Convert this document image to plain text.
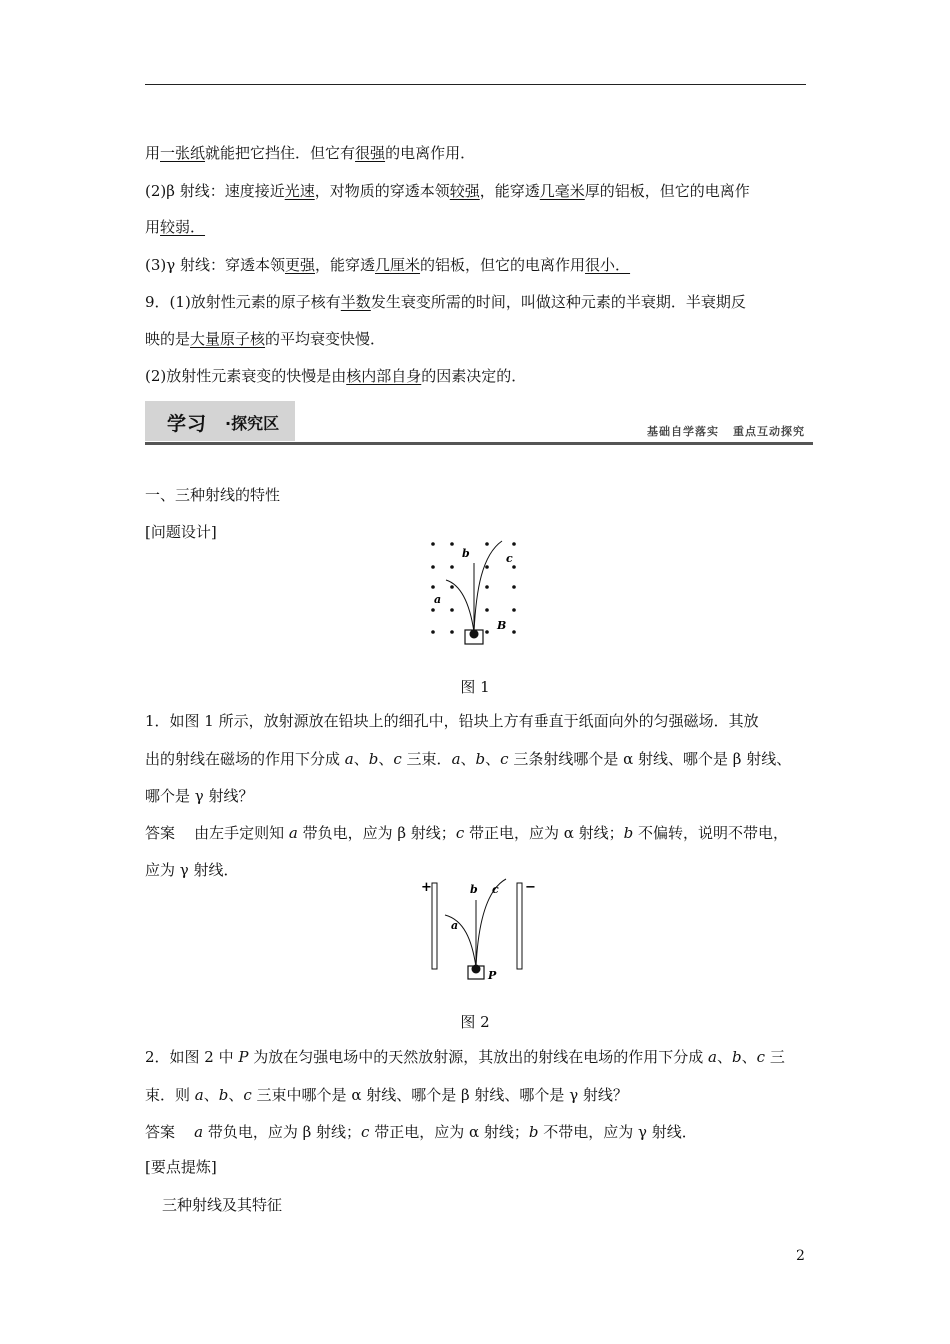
用一张纸就能把它挡住．但它有很强的电离作用．
(2)β 射线：速度接近光速，对物质的穿透本领较强，能穿透几毫米厚的铝板，但它的电离作
用较弱．
(3)γ 射线：穿透本领更强，能穿透几厘米的铝板，但它的电离作用很小．
9．(1)放射性元素的原子核有半数发生衰变所需的时间，叫做这种元素的半衰期．半衰期反
映的是大量原子核的平均衰变快慢．
(2)放射性元素衰变的快慢是由核内部自身的因素决定的．
学习 ·探究区	基础自学落实 重点互动探究
一、三种射线的特性
[问题设计]
a
b	c
B
图 1
1．如图 1 所示，放射源放在铅块上的细孔中，铅块上方有垂直于纸面向外的匀强磁场．其放
出的射线在磁场的作用下分成 a、b、c 三束．a、b、c 三条射线哪个是 α 射线、哪个是 β 射线、
哪个是 γ 射线？
答案 由左手定则知 a 带负电，应为 β 射线；c 带正电，应为 α 射线；b 不偏转，说明不带电，
应为 γ 射线．
+	−
a
b c
P
图 2
2．如图 2 中 P 为放在匀强电场中的天然放射源，其放出的射线在电场的作用下分成 a、b、c 三
束．则 a、b、c 三束中哪个是 α 射线、哪个是 β 射线、哪个是 γ 射线？
答案 a 带负电，应为 β 射线；c 带正电，应为 α 射线；b 不带电，应为 γ 射线．
[要点提炼]
三种射线及其特征
2
